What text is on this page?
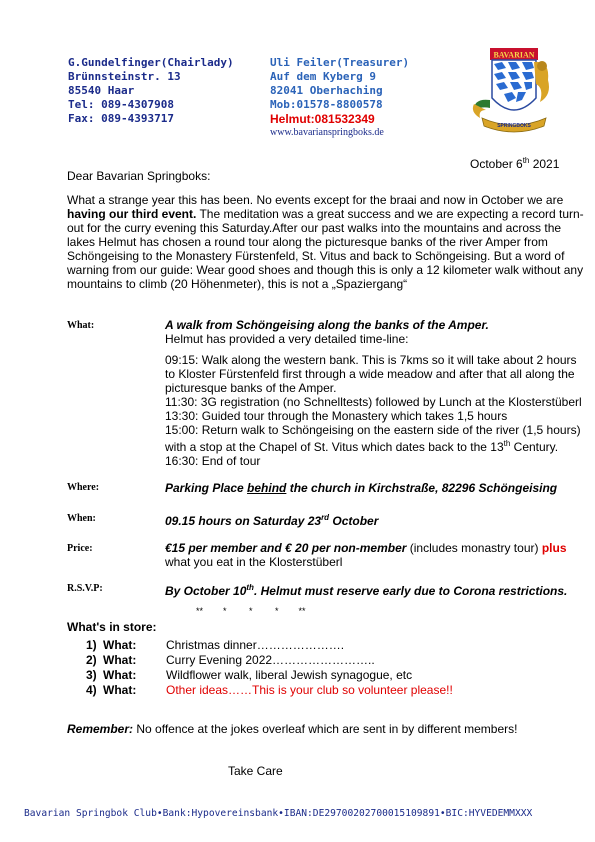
G.Gundelfinger(Chairlady)
Brünnsteinstr. 13
85540 Haar
Tel: 089-4307908
Fax: 089-4393717
Uli Feiler(Treasurer)
Auf dem Kyberg 9
82041 Oberhaching
Mob:01578-8800578
Helmut:081532349
www.bavarianspringboks.de
BAVARIAN
SPRINGBOKS
October 6th 2021
Dear Bavarian Springboks:
What a strange year this has been. No events except for the braai and now in October we are having our third event. The meditation was a great success and we are expecting a record turn-out for the curry evening this Saturday.After our past walks into the mountains and across the lakes Helmut has chosen a round tour along the picturesque banks of the river Amper from Schöngeising to the Monastery Fürstenfeld, St. Vitus and back to Schöngeising. But a word of warning from our guide: Wear good shoes and though this is only a 12 kilometer walk without any mountains to climb (20 Höhenmeter), this is not a „Spaziergang“
What:	A walk from Schöngeising along the banks of the Amper.
Helmut has provided a very detailed time-line:
09:15: Walk along the western bank. This is 7kms so it will take about 2 hours to Kloster Fürstenfeld first through a wide meadow and after that all along the picturesque banks of the Amper.
11:30: 3G registration (no Schnelltests) followed by Lunch at the Klosterstüberl
13:30: Guided tour through the Monastery which takes 1,5 hours
15:00: Return walk to Schöngeising on the eastern side of the river (1,5 hours) with a stop at the Chapel of St. Vitus which dates back to the 13th Century.
16:30: End of tour
Where:	Parking Place behind the church in Kirchstraße, 82296 Schöngeising
When:	09.15 hours on Saturday 23rd October
Price:	€15 per member and € 20 per non-member (includes monastry tour) plus
what you eat in the Klosterstüberl
R.S.V.P:	By October 10th. Helmut must reserve early due to Corona restrictions.
**        *         *         *        **
What's in store:
1) What: Christmas dinner………………….
2) What: Curry Evening 2022……………………..
3) What: Wildflower walk, liberal Jewish synagogue, etc
4) What: Other ideas……This is your club so volunteer please!!
Remember: No offence at the jokes overleaf which are sent in by different members!
Take Care
Bavarian Springbok Club•Bank:Hypovereinsbank•IBAN:DE29700202700015109891•BIC:HYVEDEMMXXX
